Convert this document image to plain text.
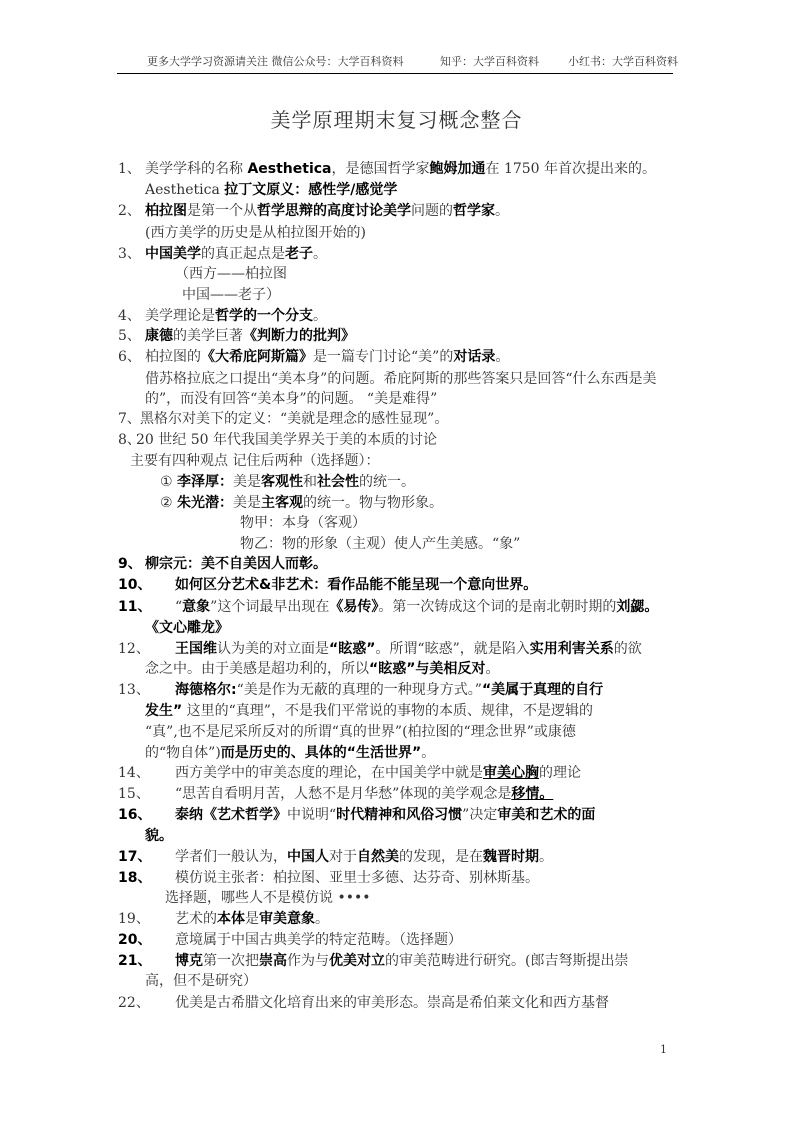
更多大学学习资源请关注 微信公众号：大学百科资料	知乎：大学百科资料	小红书：大学百科资料
美学原理期末复习概念整合
1、 美学学科的名称 Aesthetica，是德国哲学家鲍姆加通在 1750 年首次提出来的。
Aesthetica 拉丁文原义：感性学/感觉学
2、 柏拉图是第一个从哲学思辩的高度讨论美学问题的哲学家。
(西方美学的历史是从柏拉图开始的)
3、 中国美学的真正起点是老子。
（西方——柏拉图
中国——老子）
4、 美学理论是哲学的一个分支。
5、 康德的美学巨著《判断力的批判》
6、 柏拉图的《大希庇阿斯篇》是一篇专门讨论“美”的对话录。
借苏格拉底之口提出“美本身”的问题。希庇阿斯的那些答案只是回答“什么东西是美
的”，而没有回答“美本身”的问题。 “美是难得”
7、 黑格尔对美下的定义：“美就是理念的感性显现”。
8、
20 世纪 50 年代我国美学界关于美的本质的讨论
主要有四种观点 记住后两种（选择题）：
① 李泽厚：美是客观性和社会性的统一。
② 朱光潜：美是主客观的统一。物与物形象。
物甲：本身（客观）
物乙：物的形象（主观）使人产生美感。“象”
9、 柳宗元：美不自美因人而彰。
10、 如何区分艺术&非艺术：看作品能不能呈现一个意向世界。
11、 “意象”这个词最早出现在《易传》。第一次铸成这个词的是南北朝时期的刘勰。
《文心雕龙》
12、 王国维认为美的对立面是“眩惑”。所谓“眩惑”，就是陷入实用利害关系的欲
念之中。由于美感是超功利的，所以“眩惑”与美相反对。
13、 海德格尔:“美是作为无蔽的真理的一种现身方式。”“美属于真理的自行
发生” 这里的“真理”，不是我们平常说的事物的本质、规律，不是逻辑的
“真”,也不是尼采所反对的所谓“真的世界”(柏拉图的“理念世界”或康德
的“物自体”)而是历史的、具体的“生活世界”。
14、 西方美学中的审美态度的理论，在中国美学中就是审美心胸的理论
15、 “思苦自看明月苦，人愁不是月华愁”体现的美学观念是移情。
16、 泰纳《艺术哲学》中说明“时代精神和风俗习惯”决定审美和艺术的面
貌。
17、 学者们一般认为，中国人对于自然美的发现，是在魏晋时期。
18、 模仿说主张者：柏拉图、亚里士多德、达芬奇、别林斯基。
选择题，哪些人不是模仿说 ••••
19、 艺术的本体是审美意象。
20、 意境属于中国古典美学的特定范畴。（选择题）
21、 博克第一次把崇高作为与优美对立的审美范畴进行研究。(郎吉弩斯提出崇
高，但不是研究）
22、 优美是古希腊文化培育出来的审美形态。崇高是希伯莱文化和西方基督
1
